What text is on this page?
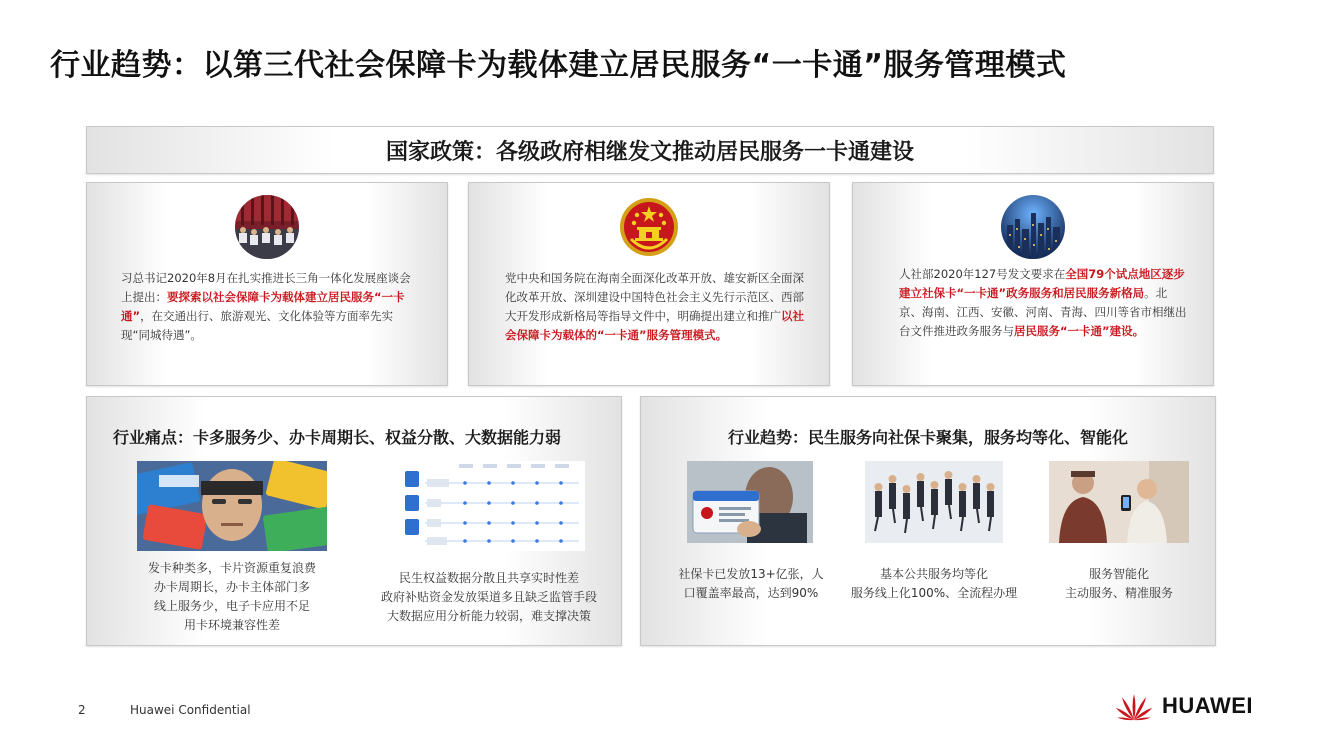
行业趋势：以第三代社会保障卡为载体建立居民服务“一卡通”服务管理模式
国家政策：各级政府相继发文推动居民服务一卡通建设
习总书记2020年8月在扎实推进长三角一体化发展座谈会上提出：要探索以社会保障卡为载体建立居民服务“一卡通”，在交通出行、旅游观光、文化体验等方面率先实现“同城待遇”。
党中央和国务院在海南全面深化改革开放、雄安新区全面深化改革开放、深圳建设中国特色社会主义先行示范区、西部大开发形成新格局等指导文件中，明确提出建立和推广以社会保障卡为载体的“一卡通”服务管理模式。
人社部2020年127号发文要求在全国79个试点地区逐步建立社保卡“一卡通”政务服务和居民服务新格局。北京、海南、江西、安徽、河南、青海、四川等省市相继出台文件推进政务服务与居民服务“一卡通”建设。
行业痛点：卡多服务少、办卡周期长、权益分散、大数据能力弱
发卡种类多，卡片资源重复浪费
办卡周期长，办卡主体部门多
线上服务少，电子卡应用不足
用卡环境兼容性差
民生权益数据分散且共享实时性差
政府补贴资金发放渠道多且缺乏监管手段
大数据应用分析能力较弱，难支撑决策
行业趋势：民生服务向社保卡聚集，服务均等化、智能化
社保卡已发放13+亿张，人
口覆盖率最高，达到90%
基本公共服务均等化
服务线上化100%、全流程办理
服务智能化
主动服务、精准服务
2	Huawei Confidential	HUAWEI
